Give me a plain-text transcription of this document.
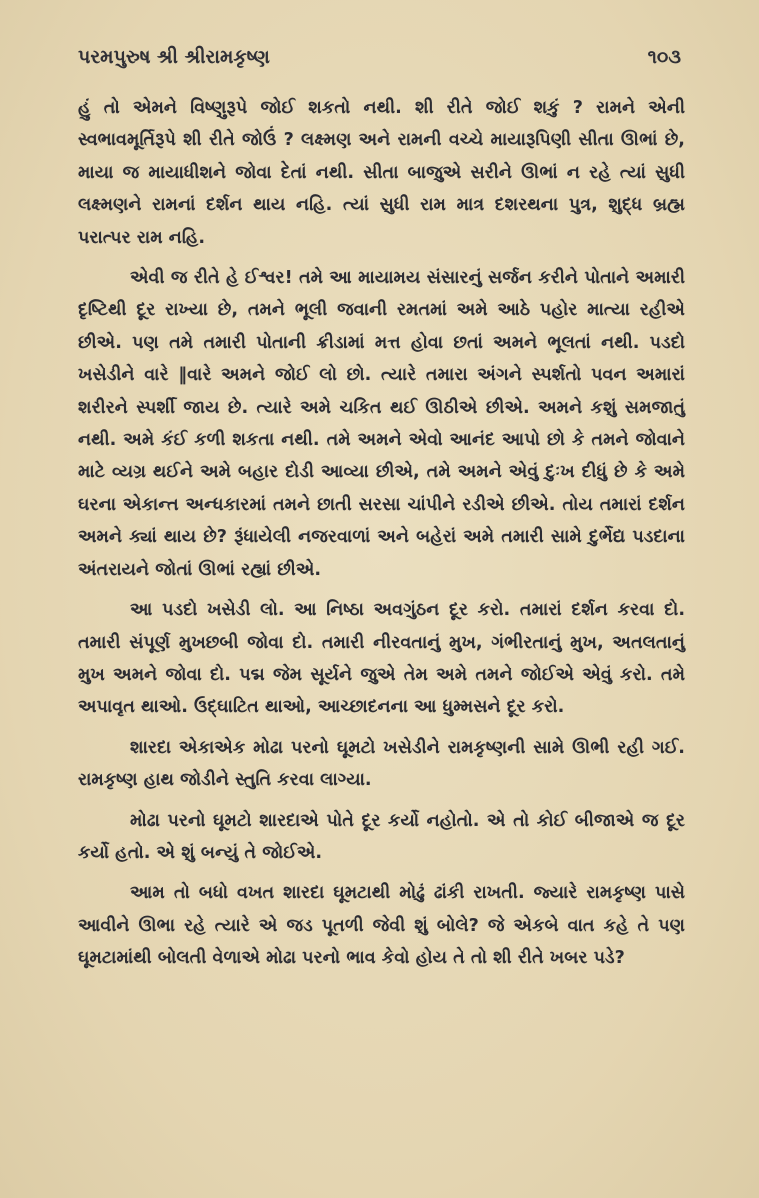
પરમપુરુષ શ્રી શ્રીરામકૃષ્ણ	૧૦૩

હું તો એમને વિષ્ણુરૂપે જોઈ શકતો નથી. શી રીતે જોઈ શકું ? રામને એની સ્વભાવમૂર્તિરૂપે શી રીતે જોઉં ? લક્ષ્મણ અને રામની વચ્ચે માયારૂપિણી સીતા ઊભાં છે, માયા જ માયાધીશને જોવા દેતાં નથી. સીતા બાજુએ સરીને ઊભાં ન રહે ત્યાં સુધી લક્ષ્મણને રામનાં દર્શન થાય નહિ. ત્યાં સુધી રામ માત્ર દશરથના પુત્ર, શુદ્ધ બ્રહ્મ પરાત્પર રામ નહિ.

એવી જ રીતે હે ઈશ્વર! તમે આ માયામય સંસારનું સર્જન કરીને પોતાને અમારી દૃષ્ટિથી દૂર રાખ્યા છે, તમને ભૂલી જવાની રમતમાં અમે આઠે પહોર માત્યા રહીએ છીએ. પણ તમે તમારી પોતાની ક્રીડામાં મત્ત હોવા છતાં અમને ભૂલતાં નથી. પડદો ખસેડીને વારે ‖વારે અમને જોઈ લો છો. ત્યારે તમારા અંગને સ્પર્શતો પવન અમારાં શરીરને સ્પર્શી જાય છે. ત્યારે અમે ચકિત થઈ ઊઠીએ છીએ. અમને કશું સમજાતું નથી. અમે કંઈ કળી શકતા નથી. તમે અમને એવો આનંદ આપો છો કે તમને જોવાને માટે વ્યગ્ર થઈને અમે બહાર દોડી આવ્યા છીએ, તમે અમને એવું દુઃખ દીધું છે કે અમે ઘરના એકાન્ત અન્ધકારમાં તમને છાતી સરસા ચાંપીને રડીએ છીએ. તોય તમારાં દર્શન અમને ક્યાં થાય છે? રૂંધાયેલી નજરવાળાં અને બહેરાં અમે તમારી સામે દુર્ભેદ્ય પડદાના અંતરાયને જોતાં ઊભાં રહ્યાં છીએ.

આ પડદો ખસેડી લો. આ નિષ્ઠા અવગુંઠન દૂર કરો. તમારાં દર્શન કરવા દો. તમારી સંપૂર્ણ મુખછબી જોવા દો. તમારી નીરવતાનું મુખ, ગંભીરતાનું મુખ, અતલતાનું મુખ અમને જોવા દો. પદ્મ જેમ સૂર્યને જુએ તેમ અમે તમને જોઈએ એવું કરો. તમે અપાવૃત થાઓ. ઉદ્ઘાટિત થાઓ, આચ્છાદનના આ ધુમ્મસને દૂર કરો.

શારદા એકાએક મોઢા પરનો ઘૂમટો ખસેડીને રામકૃષ્ણની સામે ઊભી રહી ગઈ. રામકૃષ્ણ હાથ જોડીને સ્તુતિ કરવા લાગ્યા.

મોઢા પરનો ઘૂમટો શારદાએ પોતે દૂર કર્યો નહોતો. એ તો કોઈ બીજાએ જ દૂર કર્યો હતો. એ શું બન્યું તે જોઈએ.

આમ તો બધો વખત શારદા ઘૂમટાથી મોઢું ઢાંકી રાખતી. જ્યારે રામકૃષ્ણ પાસે આવીને ઊભા રહે ત્યારે એ જડ પૂતળી જેવી શું બોલે? જે એકબે વાત કહે તે પણ ઘૂમટામાંથી બોલતી વેળાએ મોઢા પરનો ભાવ કેવો હોય તે તો શી રીતે ખબર પડે?
